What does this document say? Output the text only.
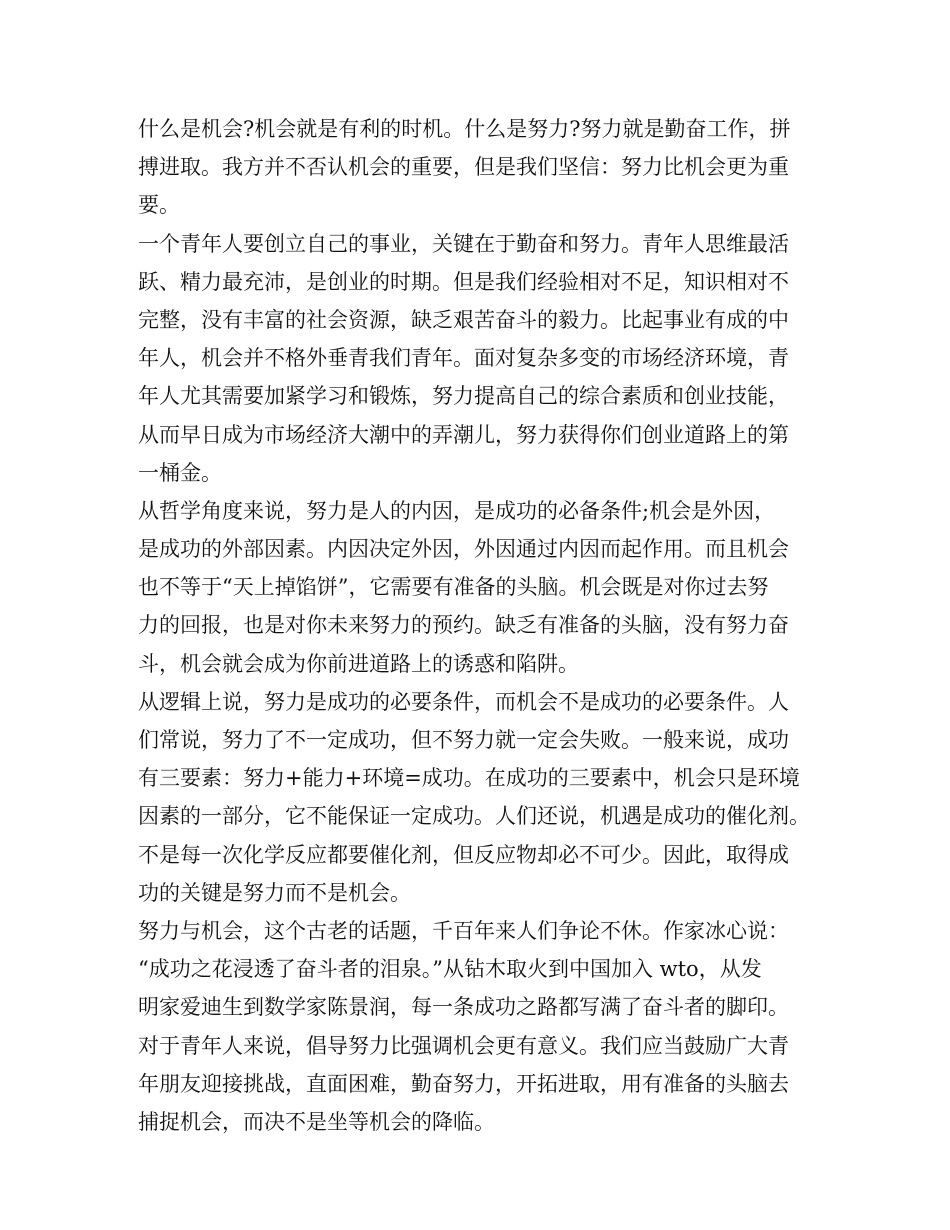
什么是机会?机会就是有利的时机。什么是努力?努力就是勤奋工作，拼
搏进取。我方并不否认机会的重要，但是我们坚信：努力比机会更为重
要。
一个青年人要创立自己的事业，关键在于勤奋和努力。青年人思维最活
跃、精力最充沛，是创业的时期。但是我们经验相对不足，知识相对不
完整，没有丰富的社会资源，缺乏艰苦奋斗的毅力。比起事业有成的中
年人，机会并不格外垂青我们青年。面对复杂多变的市场经济环境，青
年人尤其需要加紧学习和锻炼，努力提高自己的综合素质和创业技能，
从而早日成为市场经济大潮中的弄潮儿，努力获得你们创业道路上的第
一桶金。
从哲学角度来说，努力是人的内因，是成功的必备条件;机会是外因，
是成功的外部因素。内因决定外因，外因通过内因而起作用。而且机会
也不等于“天上掉馅饼”，它需要有准备的头脑。机会既是对你过去努
力的回报，也是对你未来努力的预约。缺乏有准备的头脑，没有努力奋
斗，机会就会成为你前进道路上的诱惑和陷阱。
从逻辑上说，努力是成功的必要条件，而机会不是成功的必要条件。人
们常说，努力了不一定成功，但不努力就一定会失败。一般来说，成功
有三要素：努力+能力+环境=成功。在成功的三要素中，机会只是环境
因素的一部分，它不能保证一定成功。人们还说，机遇是成功的催化剂。
不是每一次化学反应都要催化剂，但反应物却必不可少。因此，取得成
功的关键是努力而不是机会。
努力与机会，这个古老的话题，千百年来人们争论不休。作家冰心说：
“成功之花浸透了奋斗者的泪泉。”从钻木取火到中国加入 wto，从发
明家爱迪生到数学家陈景润，每一条成功之路都写满了奋斗者的脚印。
对于青年人来说，倡导努力比强调机会更有意义。我们应当鼓励广大青
年朋友迎接挑战，直面困难，勤奋努力，开拓进取，用有准备的头脑去
捕捉机会，而决不是坐等机会的降临。
